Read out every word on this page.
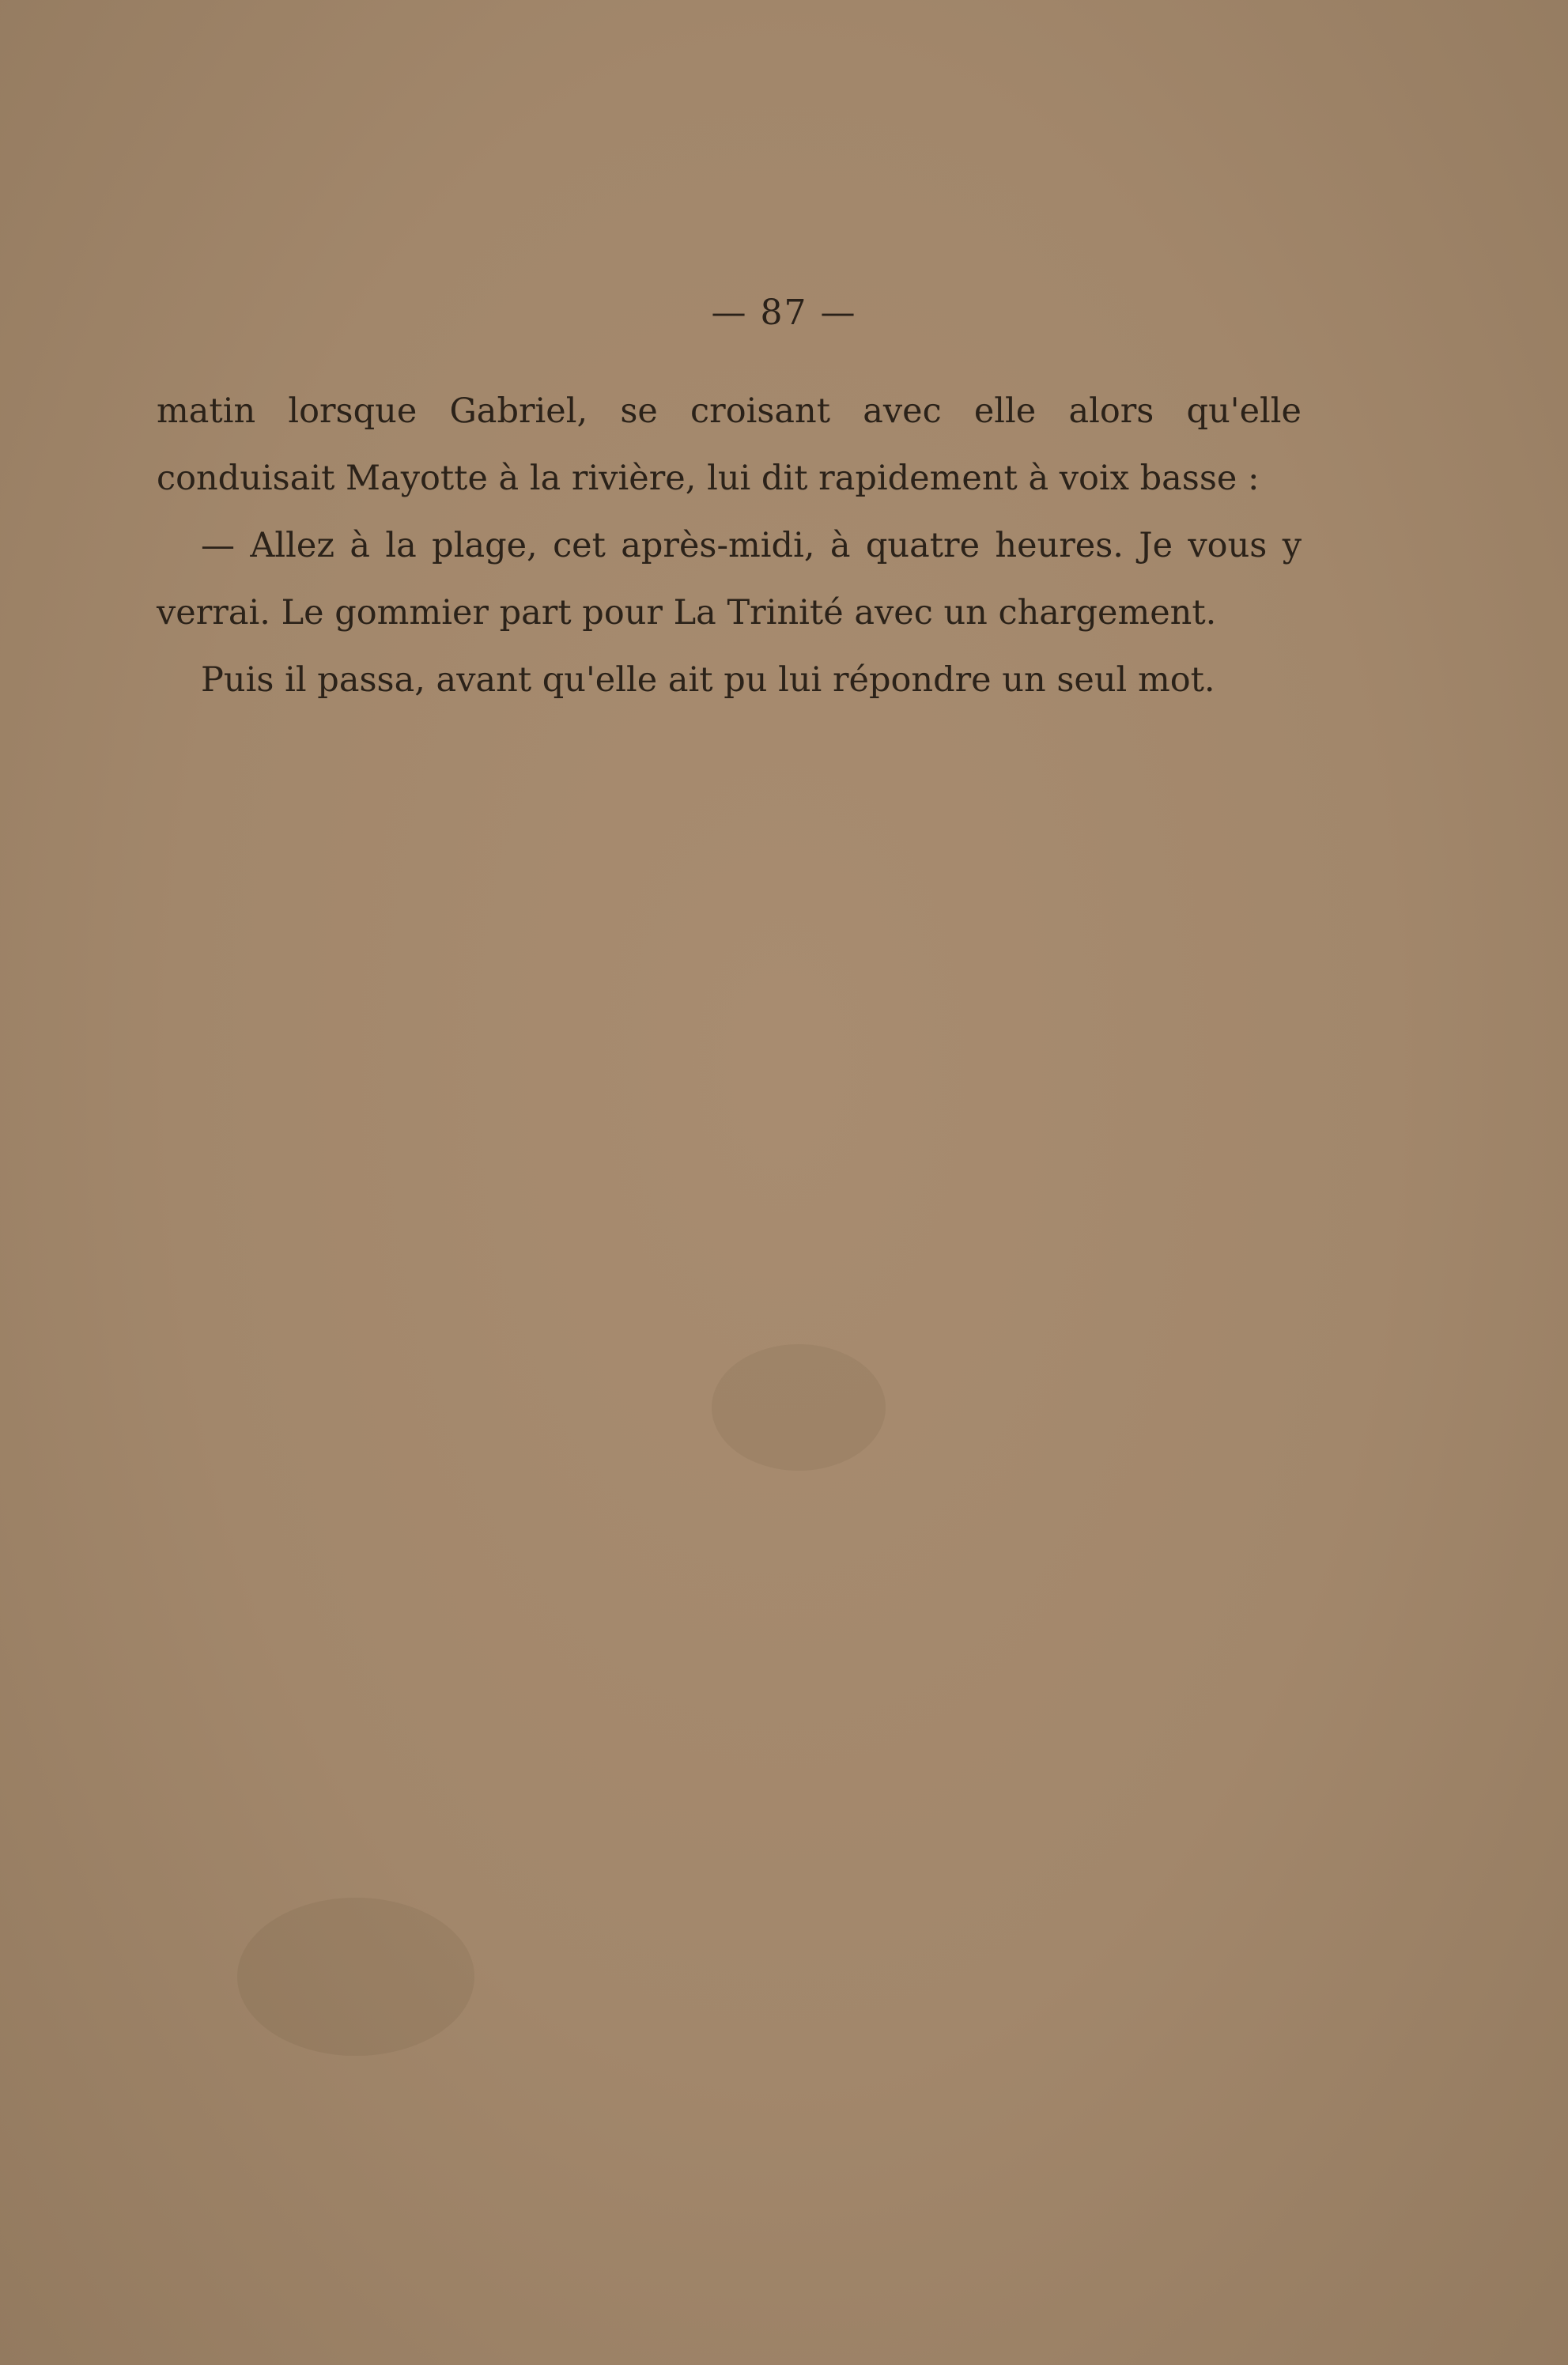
— 87 —

matin lorsque Gabriel, se croisant avec elle alors qu'elle conduisait Mayotte à la rivière, lui dit rapidement à voix basse :

— Allez à la plage, cet après-midi, à quatre heures. Je vous y verrai. Le gommier part pour La Trinité avec un chargement.

Puis il passa, avant qu'elle ait pu lui répondre un seul mot.
